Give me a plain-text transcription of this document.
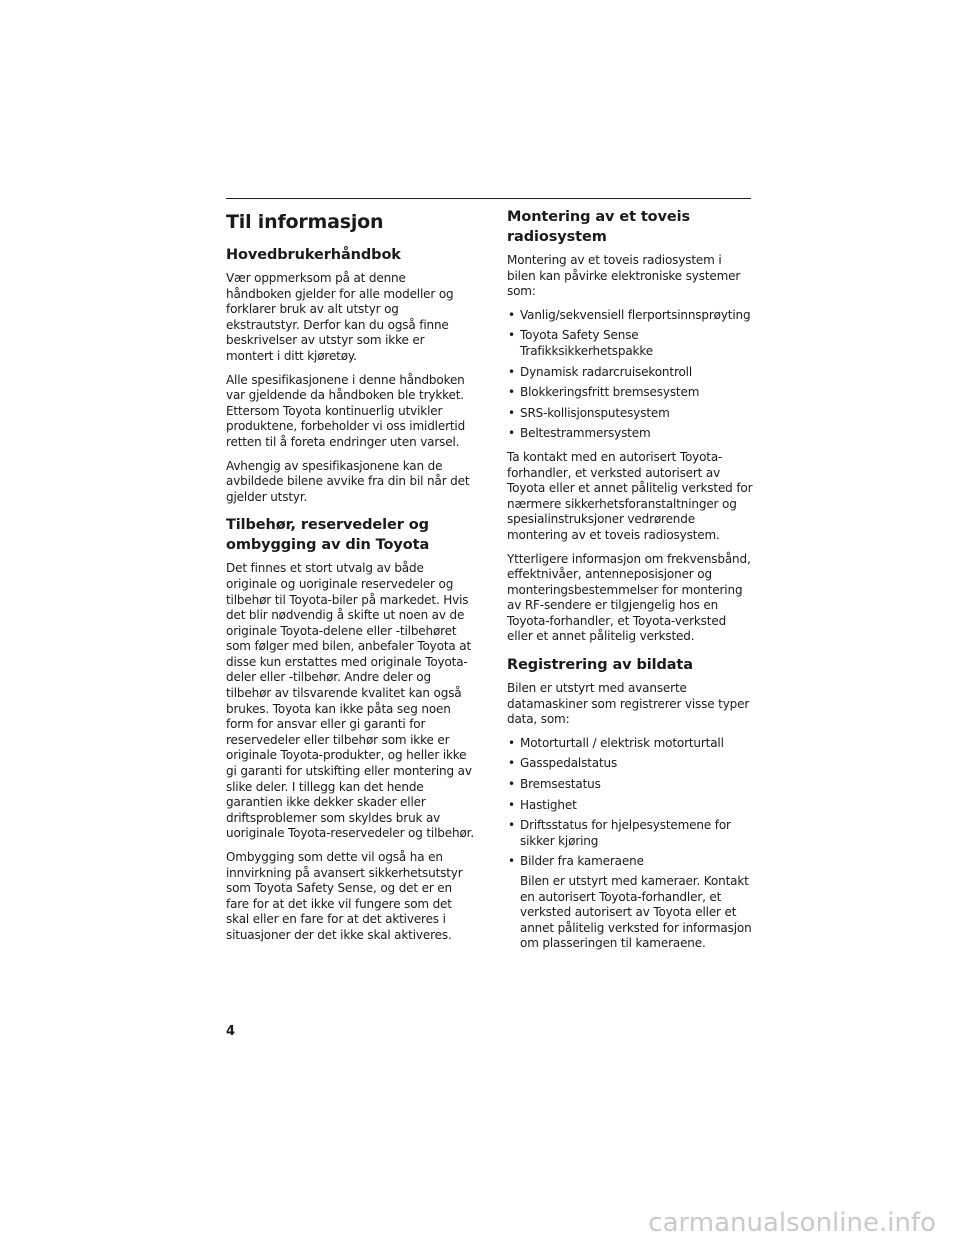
Til informasjon
Hovedbrukerhåndbok

Vær oppmerksom på at denne håndboken gjelder for alle modeller og forklarer bruk av alt utstyr og ekstrautstyr. Derfor kan du også finne beskrivelser av utstyr som ikke er montert i ditt kjøretøy.

Alle spesifikasjonene i denne håndboken var gjeldende da håndboken ble trykket. Ettersom Toyota kontinuerlig utvikler produktene, forbeholder vi oss imidlertid retten til å foreta endringer uten varsel.

Avhengig av spesifikasjonene kan de avbildede bilene avvike fra din bil når det gjelder utstyr.

Tilbehør, reservedeler og ombygging av din Toyota

Det finnes et stort utvalg av både originale og uoriginale reservedeler og tilbehør til Toyota-biler på markedet. Hvis det blir nødvendig å skifte ut noen av de originale Toyota-delene eller -tilbehøret som følger med bilen, anbefaler Toyota at disse kun erstattes med originale Toyota-deler eller -tilbehør. Andre deler og tilbehør av tilsvarende kvalitet kan også brukes. Toyota kan ikke påta seg noen form for ansvar eller gi garanti for reservedeler eller tilbehør som ikke er originale Toyota-produkter, og heller ikke gi garanti for utskifting eller montering av slike deler. I tillegg kan det hende garantien ikke dekker skader eller driftsproblemer som skyldes bruk av uoriginale Toyota-reservedeler og tilbehør.

Ombygging som dette vil også ha en innvirkning på avansert sikkerhetsutstyr som Toyota Safety Sense, og det er en fare for at det ikke vil fungere som det skal eller en fare for at det aktiveres i situasjoner der det ikke skal aktiveres.

Montering av et toveis radiosystem

Montering av et toveis radiosystem i bilen kan påvirke elektroniske systemer som:

• Vanlig/sekvensiell flerportsinnsprøyting
• Toyota Safety Sense Trafikksikkerhetspakke
• Dynamisk radarcruisekontroll
• Blokkeringsfritt bremsesystem
• SRS-kollisjonsputesystem
• Beltestrammersystem

Ta kontakt med en autorisert Toyota-forhandler, et verksted autorisert av Toyota eller et annet pålitelig verksted for nærmere sikkerhetsforanstaltninger og spesialinstruksjoner vedrørende montering av et toveis radiosystem.

Ytterligere informasjon om frekvensbånd, effektnivåer, antenneposisjoner og monteringsbestemmelser for montering av RF-sendere er tilgjengelig hos en Toyota-forhandler, et Toyota-verksted eller et annet pålitelig verksted.

Registrering av bildata

Bilen er utstyrt med avanserte datamaskiner som registrerer visse typer data, som:

• Motorturtall / elektrisk motorturtall
• Gasspedalstatus
• Bremsestatus
• Hastighet
• Driftsstatus for hjelpesystemene for sikker kjøring
• Bilder fra kameraene
Bilen er utstyrt med kameraer. Kontakt en autorisert Toyota-forhandler, et verksted autorisert av Toyota eller et annet pålitelig verksted for informasjon om plasseringen til kameraene.
4
carmanualsonline.info
